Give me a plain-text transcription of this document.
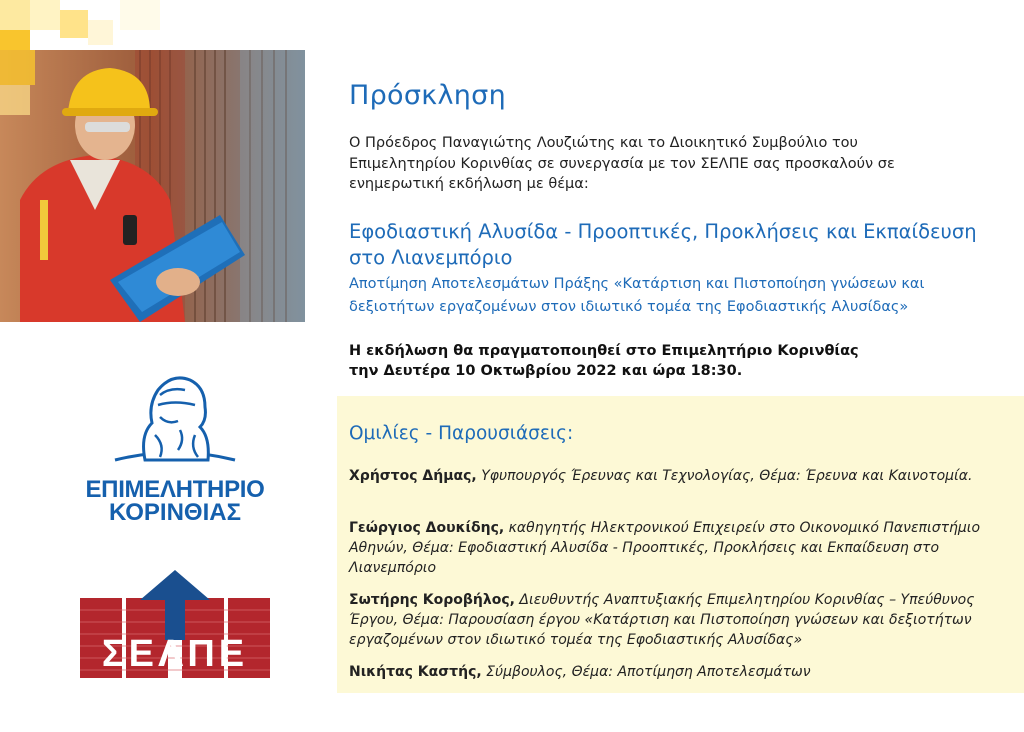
Πρόσκληση
Ο Πρόεδρος Παναγιώτης Λουζιώτης και το Διοικητικό Συμβούλιο του Επιμελητηρίου Κορινθίας σε συνεργασία με τον ΣΕΛΠΕ σας προσκαλούν σε ενημερωτική εκδήλωση με θέμα:
Εφοδιαστική Αλυσίδα - Προοπτικές, Προκλήσεις και Εκπαίδευση στο Λιανεμπόριο
Αποτίμηση Αποτελεσμάτων Πράξης «Κατάρτιση και Πιστοποίηση γνώσεων και δεξιοτήτων εργαζομένων στον ιδιωτικό τομέα της Εφοδιαστικής Αλυσίδας»
Η εκδήλωση θα πραγματοποιηθεί στο Επιμελητήριο Κορινθίας
την Δευτέρα 10 Οκτωβρίου 2022 και ώρα 18:30.
Ομιλίες - Παρουσιάσεις:
Χρήστος Δήμας, Υφυπουργός Έρευνας και Τεχνολογίας, Θέμα: Έρευνα και Καινοτομία.
Γεώργιος Δουκίδης, καθηγητής Ηλεκτρονικού Επιχειρείν στο Οικονομικό Πανεπιστήμιο Αθηνών, Θέμα: Εφοδιαστική Αλυσίδα - Προοπτικές, Προκλήσεις και Εκπαίδευση στο Λιανεμπόριο
Σωτήρης Κοροβήλος, Διευθυντής Αναπτυξιακής Επιμελητηρίου Κορινθίας – Υπεύθυνος Έργου, Θέμα: Παρουσίαση έργου «Κατάρτιση και Πιστοποίηση γνώσεων και δεξιοτήτων εργαζομένων στον ιδιωτικό τομέα της Εφοδιαστικής Αλυσίδας»
Νικήτας Καστής, Σύμβουλος, Θέμα: Αποτίμηση Αποτελεσμάτων
ΕΠΙΜΕΛΗΤΗΡΙΟ
ΚΟΡΙΝΘΙΑΣ
ΣΕΛΠΕ
